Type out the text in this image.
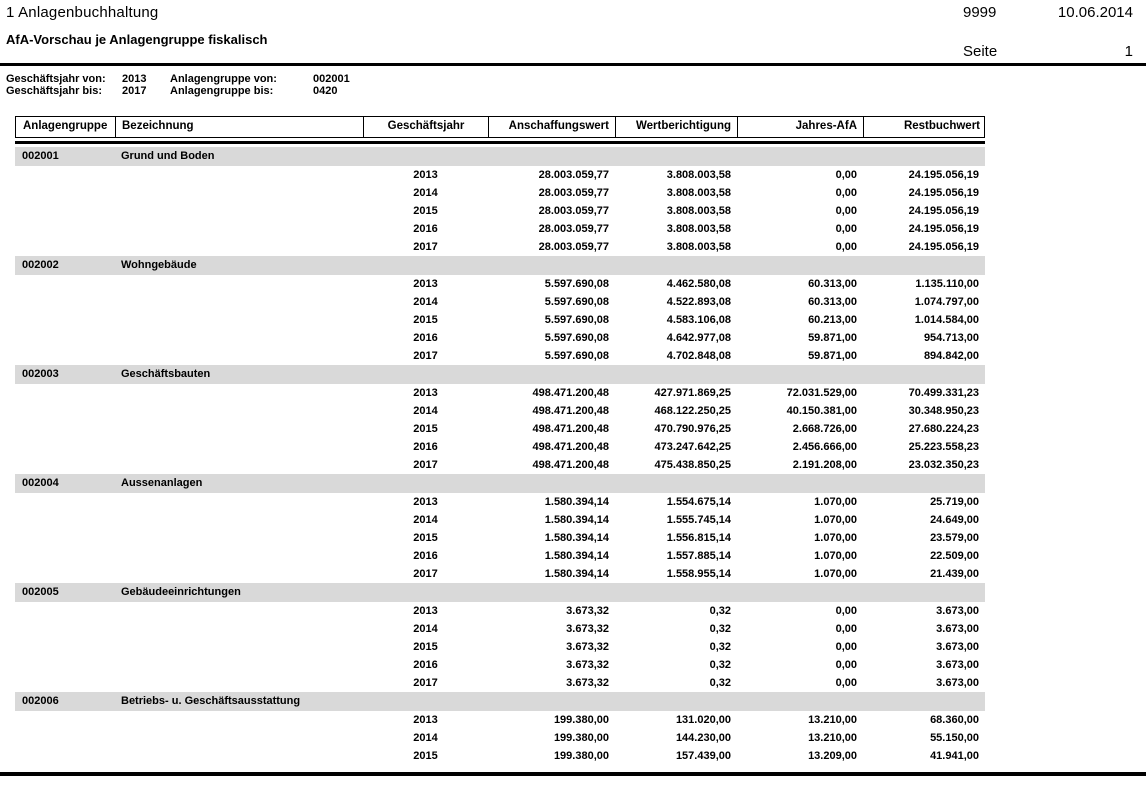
1 Anlagenbuchhaltung
AfA-Vorschau je Anlagengruppe fiskalisch
9999	10.06.2014
Seite	1
Geschäftsjahr von:	2013	Anlagengruppe von:	002001
Geschäftsjahr bis:	2017	Anlagengruppe bis:	0420
Anlagengruppe	Bezeichnung	Geschäftsjahr	Anschaffungswert	Wertberichtigung	Jahres-AfA	Restbuchwert
002001	Grund und Boden
2013	28.003.059,77	3.808.003,58	0,00	24.195.056,19
2014	28.003.059,77	3.808.003,58	0,00	24.195.056,19
2015	28.003.059,77	3.808.003,58	0,00	24.195.056,19
2016	28.003.059,77	3.808.003,58	0,00	24.195.056,19
2017	28.003.059,77	3.808.003,58	0,00	24.195.056,19
002002	Wohngebäude
2013	5.597.690,08	4.462.580,08	60.313,00	1.135.110,00
2014	5.597.690,08	4.522.893,08	60.313,00	1.074.797,00
2015	5.597.690,08	4.583.106,08	60.213,00	1.014.584,00
2016	5.597.690,08	4.642.977,08	59.871,00	954.713,00
2017	5.597.690,08	4.702.848,08	59.871,00	894.842,00
002003	Geschäftsbauten
2013	498.471.200,48	427.971.869,25	72.031.529,00	70.499.331,23
2014	498.471.200,48	468.122.250,25	40.150.381,00	30.348.950,23
2015	498.471.200,48	470.790.976,25	2.668.726,00	27.680.224,23
2016	498.471.200,48	473.247.642,25	2.456.666,00	25.223.558,23
2017	498.471.200,48	475.438.850,25	2.191.208,00	23.032.350,23
002004	Aussenanlagen
2013	1.580.394,14	1.554.675,14	1.070,00	25.719,00
2014	1.580.394,14	1.555.745,14	1.070,00	24.649,00
2015	1.580.394,14	1.556.815,14	1.070,00	23.579,00
2016	1.580.394,14	1.557.885,14	1.070,00	22.509,00
2017	1.580.394,14	1.558.955,14	1.070,00	21.439,00
002005	Gebäudeeinrichtungen
2013	3.673,32	0,32	0,00	3.673,00
2014	3.673,32	0,32	0,00	3.673,00
2015	3.673,32	0,32	0,00	3.673,00
2016	3.673,32	0,32	0,00	3.673,00
2017	3.673,32	0,32	0,00	3.673,00
002006	Betriebs- u. Geschäftsausstattung
2013	199.380,00	131.020,00	13.210,00	68.360,00
2014	199.380,00	144.230,00	13.210,00	55.150,00
2015	199.380,00	157.439,00	13.209,00	41.941,00
